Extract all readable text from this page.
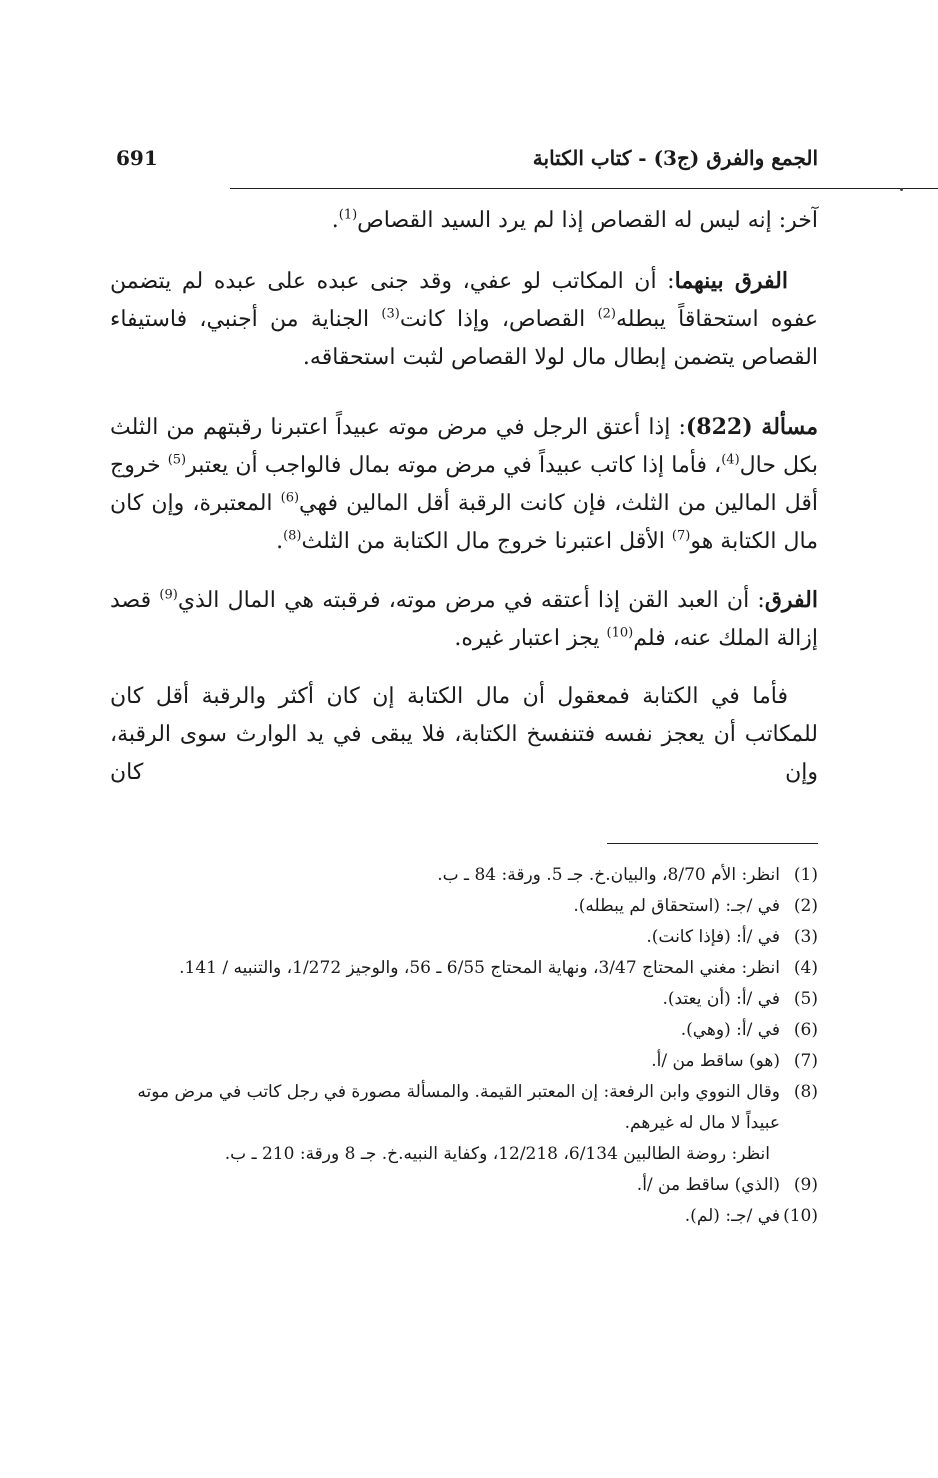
الجمع والفرق (ج3) - كتاب الكتابة
691

آخر: إنه ليس له القصاص إذا لم يرد السيد القصاص$^{(1)}$.

الفرق بينهما: أن المكاتب لو عفي، وقد جنى عبده على عبده لم يتضمن عفوه استحقاقاً يبطله$^{(2)}$ القصاص، وإذا كانت$^{(3)}$ الجناية من أجنبي، فاستيفاء القصاص يتضمن إبطال مال لولا القصاص لثبت استحقاقه.

مسألة (822): إذا أعتق الرجل في مرض موته عبيداً اعتبرنا رقبتهم من الثلث بكل حال$^{(4)}$، فأما إذا كاتب عبيداً في مرض موته بمال فالواجب أن يعتبر$^{(5)}$ خروج أقل المالين من الثلث، فإن كانت الرقبة أقل المالين فهي$^{(6)}$ المعتبرة، وإن كان مال الكتابة هو$^{(7)}$ الأقل اعتبرنا خروج مال الكتابة من الثلث$^{(8)}$.

الفرق: أن العبد القن إذا أعتقه في مرض موته، فرقبته هي المال الذي$^{(9)}$ قصد إزالة الملك عنه، فلم$^{(10)}$ يجز اعتبار غيره.

فأما في الكتابة فمعقول أن مال الكتابة إن كان أكثر والرقبة أقل كان للمكاتب أن يعجز نفسه فتنفسخ الكتابة، فلا يبقى في يد الوارث سوى الرقبة، وإن كان

(1)
انظر: الأم 8/70، والبيان.خ. جـ 5. ورقة: 84 ـ ب.
(2)
في /جـ: (استحقاق لم يبطله).
(3)
في /أ: (فإذا كانت).
(4)
انظر: مغني المحتاج 3/47، ونهاية المحتاج 6/55 ـ 56، والوجيز 1/272، والتنبيه / 141.
(5)
في /أ: (أن يعتد).
(6)
في /أ: (وهي).
(7)
(هو) ساقط من /أ.
(8)
وقال النووي وابن الرفعة: إن المعتبر القيمة. والمسألة مصورة في رجل كاتب في مرض موته عبيداً لا مال له غيرهم.
انظر: روضة الطالبين 6/134، 12/218، وكفاية النبيه.خ. جـ 8 ورقة: 210 ـ ب.
(9)
(الذي) ساقط من /أ.
(10)
في /جـ: (لم).
